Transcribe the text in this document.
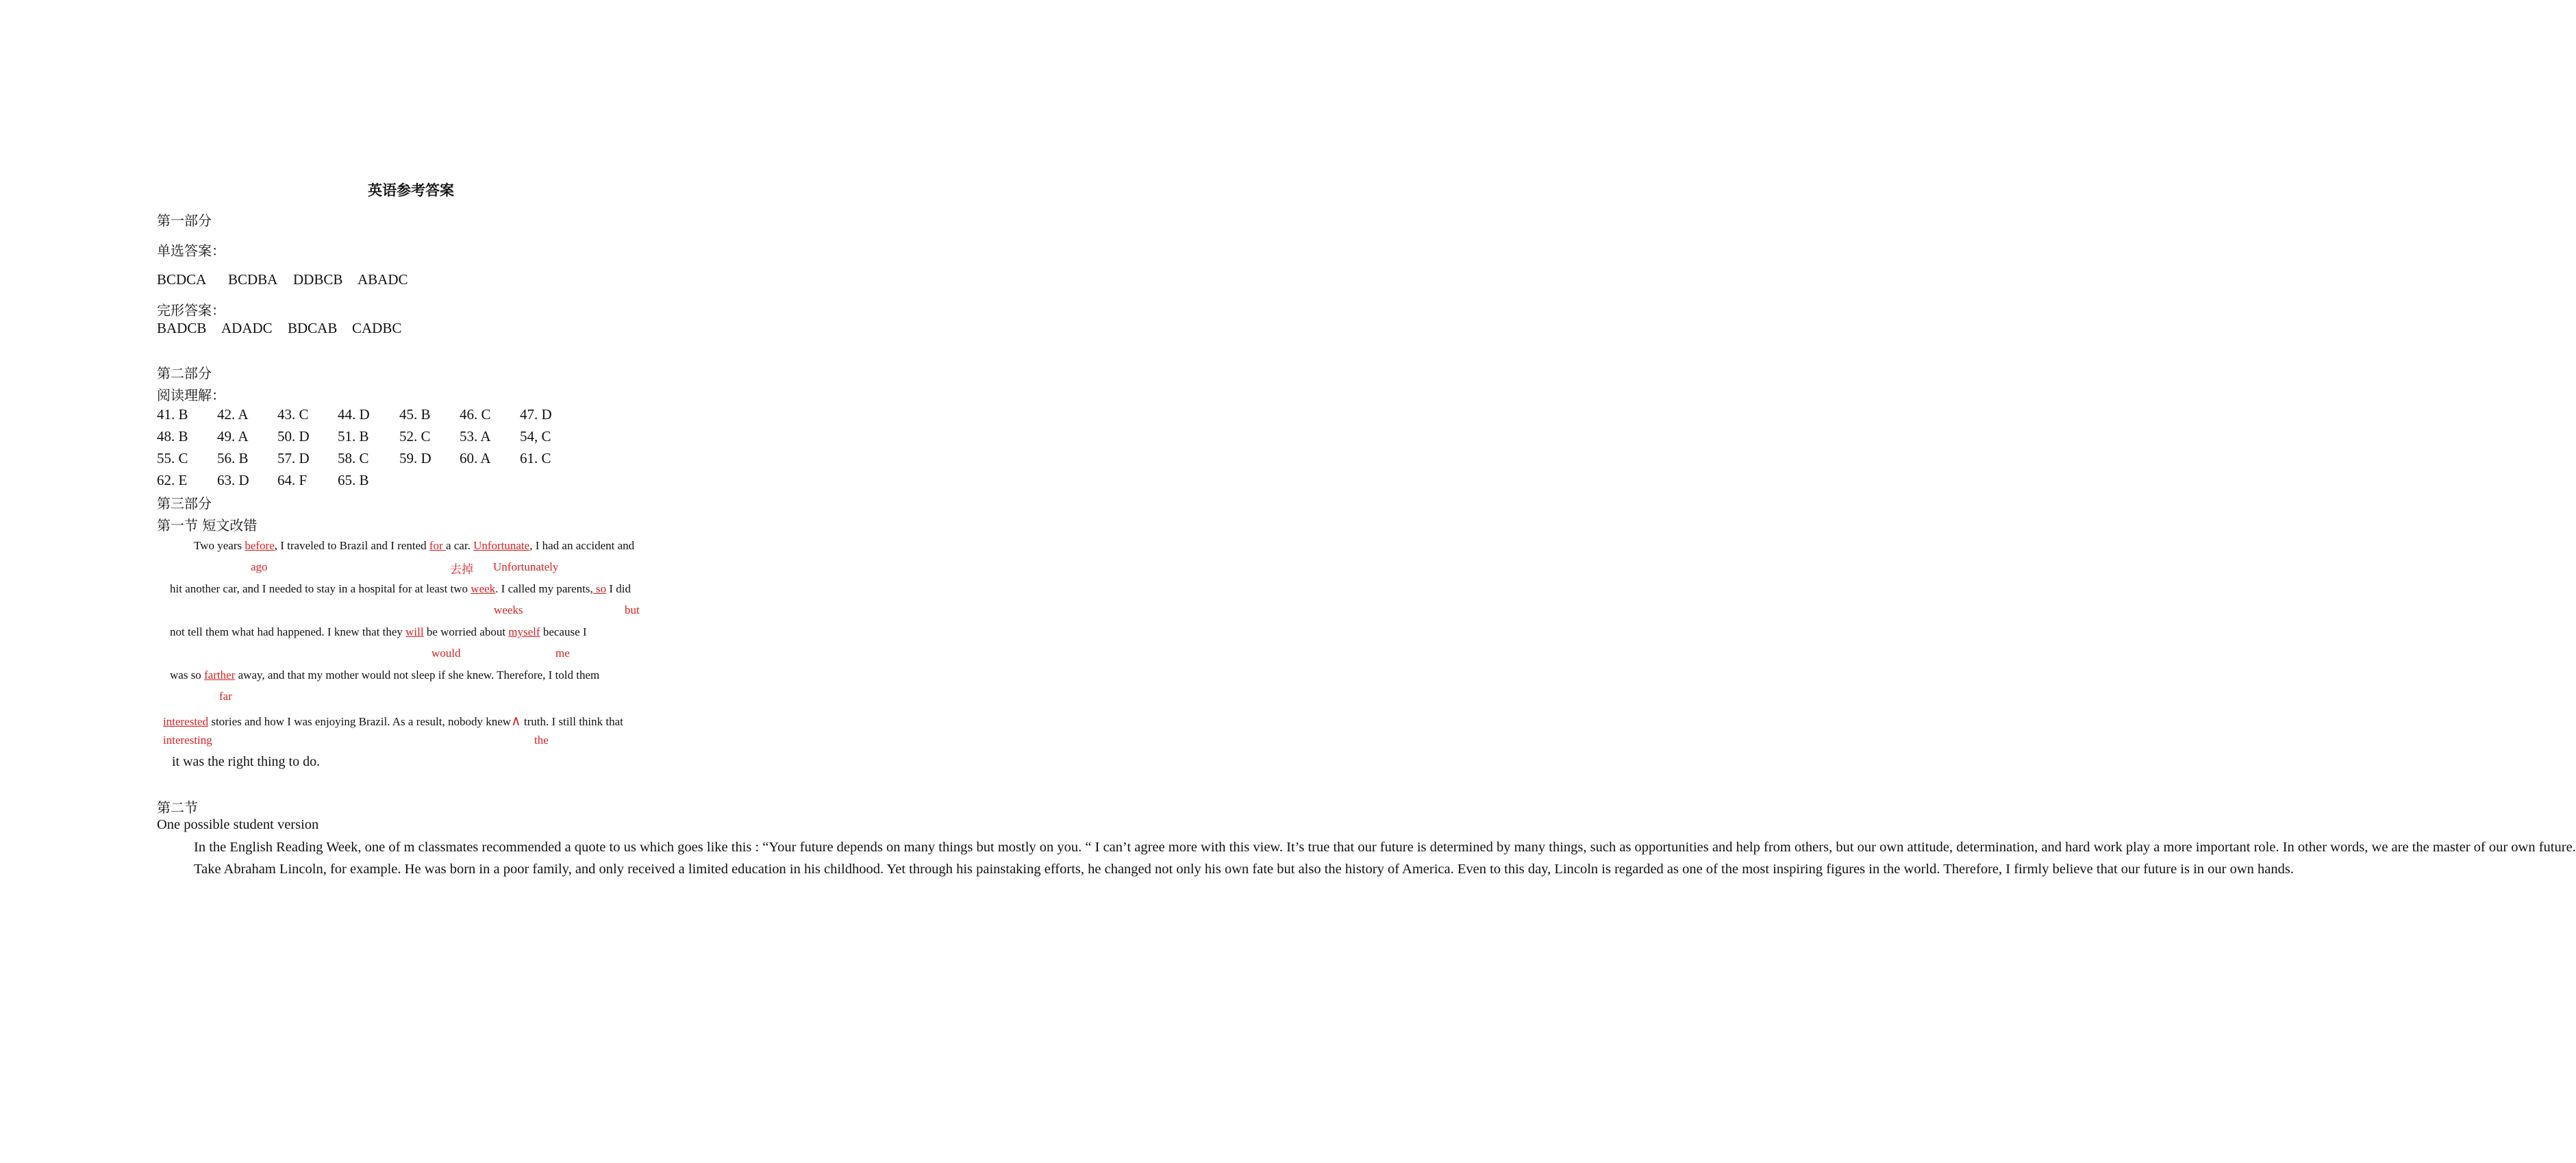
英语参考答案
第一部分
单选答案：
BCDCA BCDBA DDBCB ABADC
完形答案：
BADCB ADADC BDCAB CADBC
第二部分
阅读理解：
41. B	42. A	43. C	44. D	45. B	46. C	47. D
48. B	49. A	50. D	51. B	52. C	53. A	54, C
55. C	56. B	57. D	58. C	59. D	60. A	61. C
62. E	63. D	64. F	65. B
第三部分
第一节 短文改错
Two years before, I traveled to Brazil and I rented for a car. Unfortunate, I had an accident and
ago	去掉 Unfortunately
hit another car, and I needed to stay in a hospital for at least two week. I called my parents, so I did
weeks	but
not tell them what had happened. I knew that they will be worried about myself because I
would	me
was so farther away, and that my mother would not sleep if she knew. Therefore, I told them
far
interested stories and how I was enjoying Brazil. As a result, nobody knew∧ truth. I still think that
interesting	the
it was the right thing to do.
第二节
One possible student version

In the English Reading Week, one of m classmates recommended a quote to us which goes like this : “Your future depends on many things but mostly on you. “ I can’t agree more with this view. It’s true that our future is determined by many things, such as opportunities and help from others, but our own attitude, determination, and hard work play a more important role. In other words, we are the master of our own future.

Take Abraham Lincoln, for example. He was born in a poor family, and only received a limited education in his childhood. Yet through his painstaking efforts, he changed not only his own fate but also the history of America. Even to this day, Lincoln is regarded as one of the most inspiring figures in the world. Therefore, I firmly believe that our future is in our own hands.
